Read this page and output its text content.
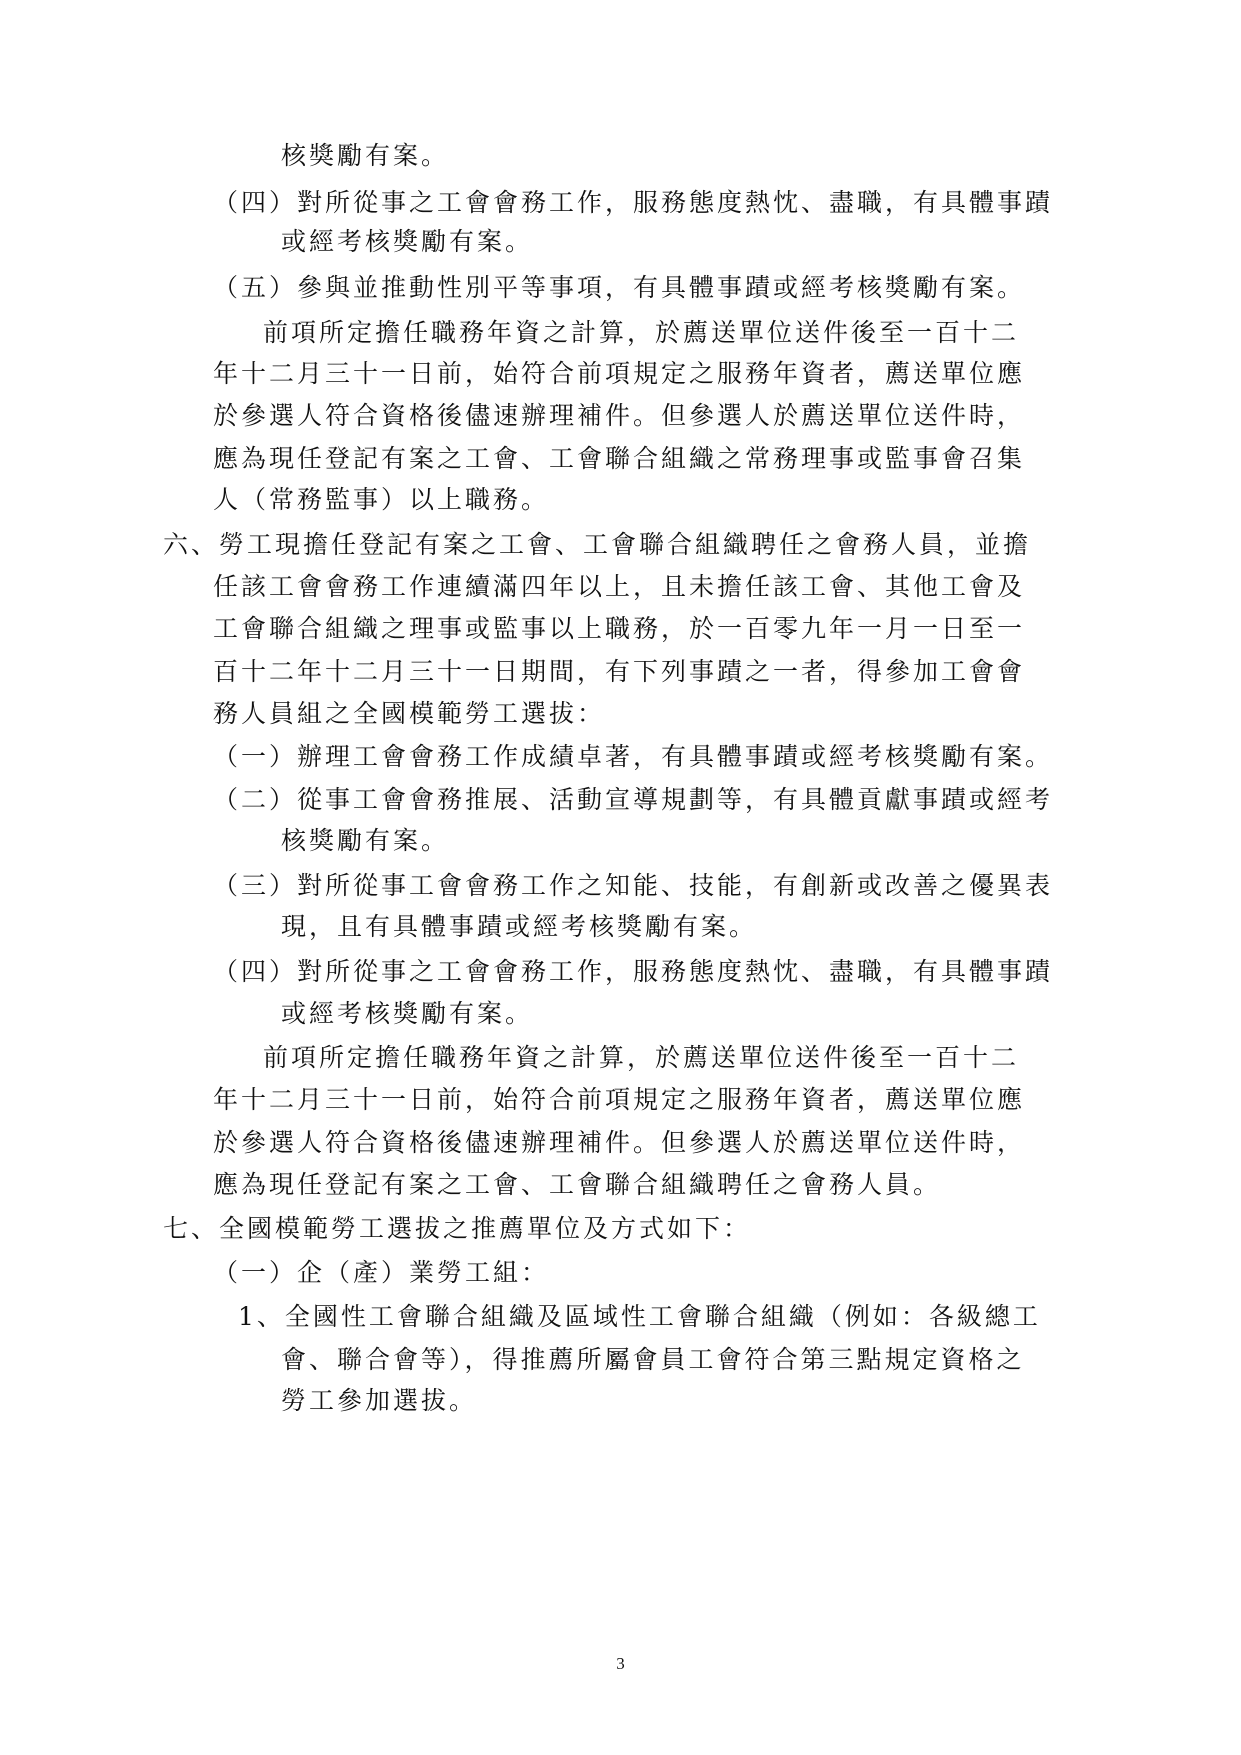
核獎勵有案。

（四）對所從事之工會會務工作，服務態度熱忱、盡職，有具體事蹟

或經考核獎勵有案。

（五）參與並推動性別平等事項，有具體事蹟或經考核獎勵有案。

前項所定擔任職務年資之計算，於薦送單位送件後至一百十二

年十二月三十一日前，始符合前項規定之服務年資者，薦送單位應

於參選人符合資格後儘速辦理補件。但參選人於薦送單位送件時，

應為現任登記有案之工會、工會聯合組織之常務理事或監事會召集

人（常務監事）以上職務。

六、勞工現擔任登記有案之工會、工會聯合組織聘任之會務人員，並擔

任該工會會務工作連續滿四年以上，且未擔任該工會、其他工會及

工會聯合組織之理事或監事以上職務，於一百零九年一月一日至一

百十二年十二月三十一日期間，有下列事蹟之一者，得參加工會會

務人員組之全國模範勞工選拔：

（一）辦理工會會務工作成績卓著，有具體事蹟或經考核獎勵有案。

（二）從事工會會務推展、活動宣導規劃等，有具體貢獻事蹟或經考

核獎勵有案。

（三）對所從事工會會務工作之知能、技能，有創新或改善之優異表

現，且有具體事蹟或經考核獎勵有案。

（四）對所從事之工會會務工作，服務態度熱忱、盡職，有具體事蹟

或經考核獎勵有案。

前項所定擔任職務年資之計算，於薦送單位送件後至一百十二

年十二月三十一日前，始符合前項規定之服務年資者，薦送單位應

於參選人符合資格後儘速辦理補件。但參選人於薦送單位送件時，

應為現任登記有案之工會、工會聯合組織聘任之會務人員。

七、全國模範勞工選拔之推薦單位及方式如下：

（一）企（產）業勞工組：

1、全國性工會聯合組織及區域性工會聯合組織（例如：各級總工

會、聯合會等），得推薦所屬會員工會符合第三點規定資格之

勞工參加選拔。

3
